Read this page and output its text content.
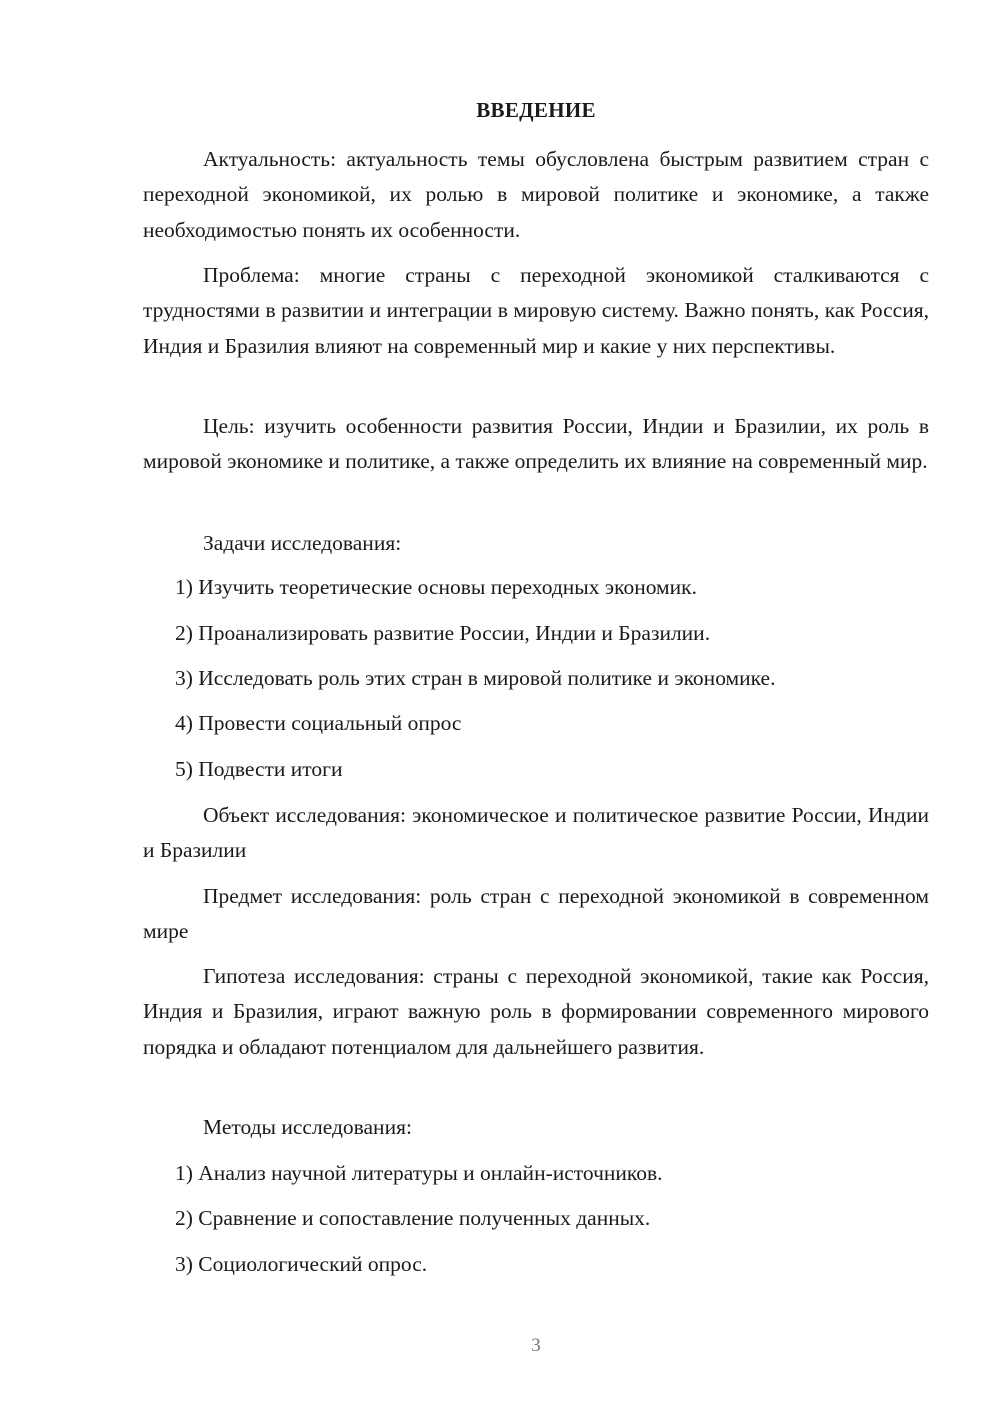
ВВЕДЕНИЕ

Актуальность: актуальность темы обусловлена быстрым развитием стран с переходной экономикой, их ролью в мировой политике и экономике, а также необходимостью понять их особенности.

Проблема: многие страны с переходной экономикой сталкиваются с трудностями в развитии и интеграции в мировую систему. Важно понять, как Россия, Индия и Бразилия влияют на современный мир и какие у них перспективы.

Цель: изучить особенности развития России, Индии и Бразилии, их роль в мировой экономике и политике, а также определить их влияние на современный мир.

Задачи исследования:

1) Изучить теоретические основы переходных экономик.

2) Проанализировать развитие России, Индии и Бразилии.

3) Исследовать роль этих стран в мировой политике и экономике.

4) Провести социальный опрос

5) Подвести итоги

Объект исследования: экономическое и политическое развитие России, Индии и Бразилии

Предмет исследования: роль стран с переходной экономикой в современном мире

Гипотеза исследования: страны с переходной экономикой, такие как Россия, Индия и Бразилия, играют важную роль в формировании современного мирового порядка и обладают потенциалом для дальнейшего развития.

Методы исследования:

1) Анализ научной литературы и онлайн-источников.

2) Сравнение и сопоставление полученных данных.

3) Социологический опрос.

3
